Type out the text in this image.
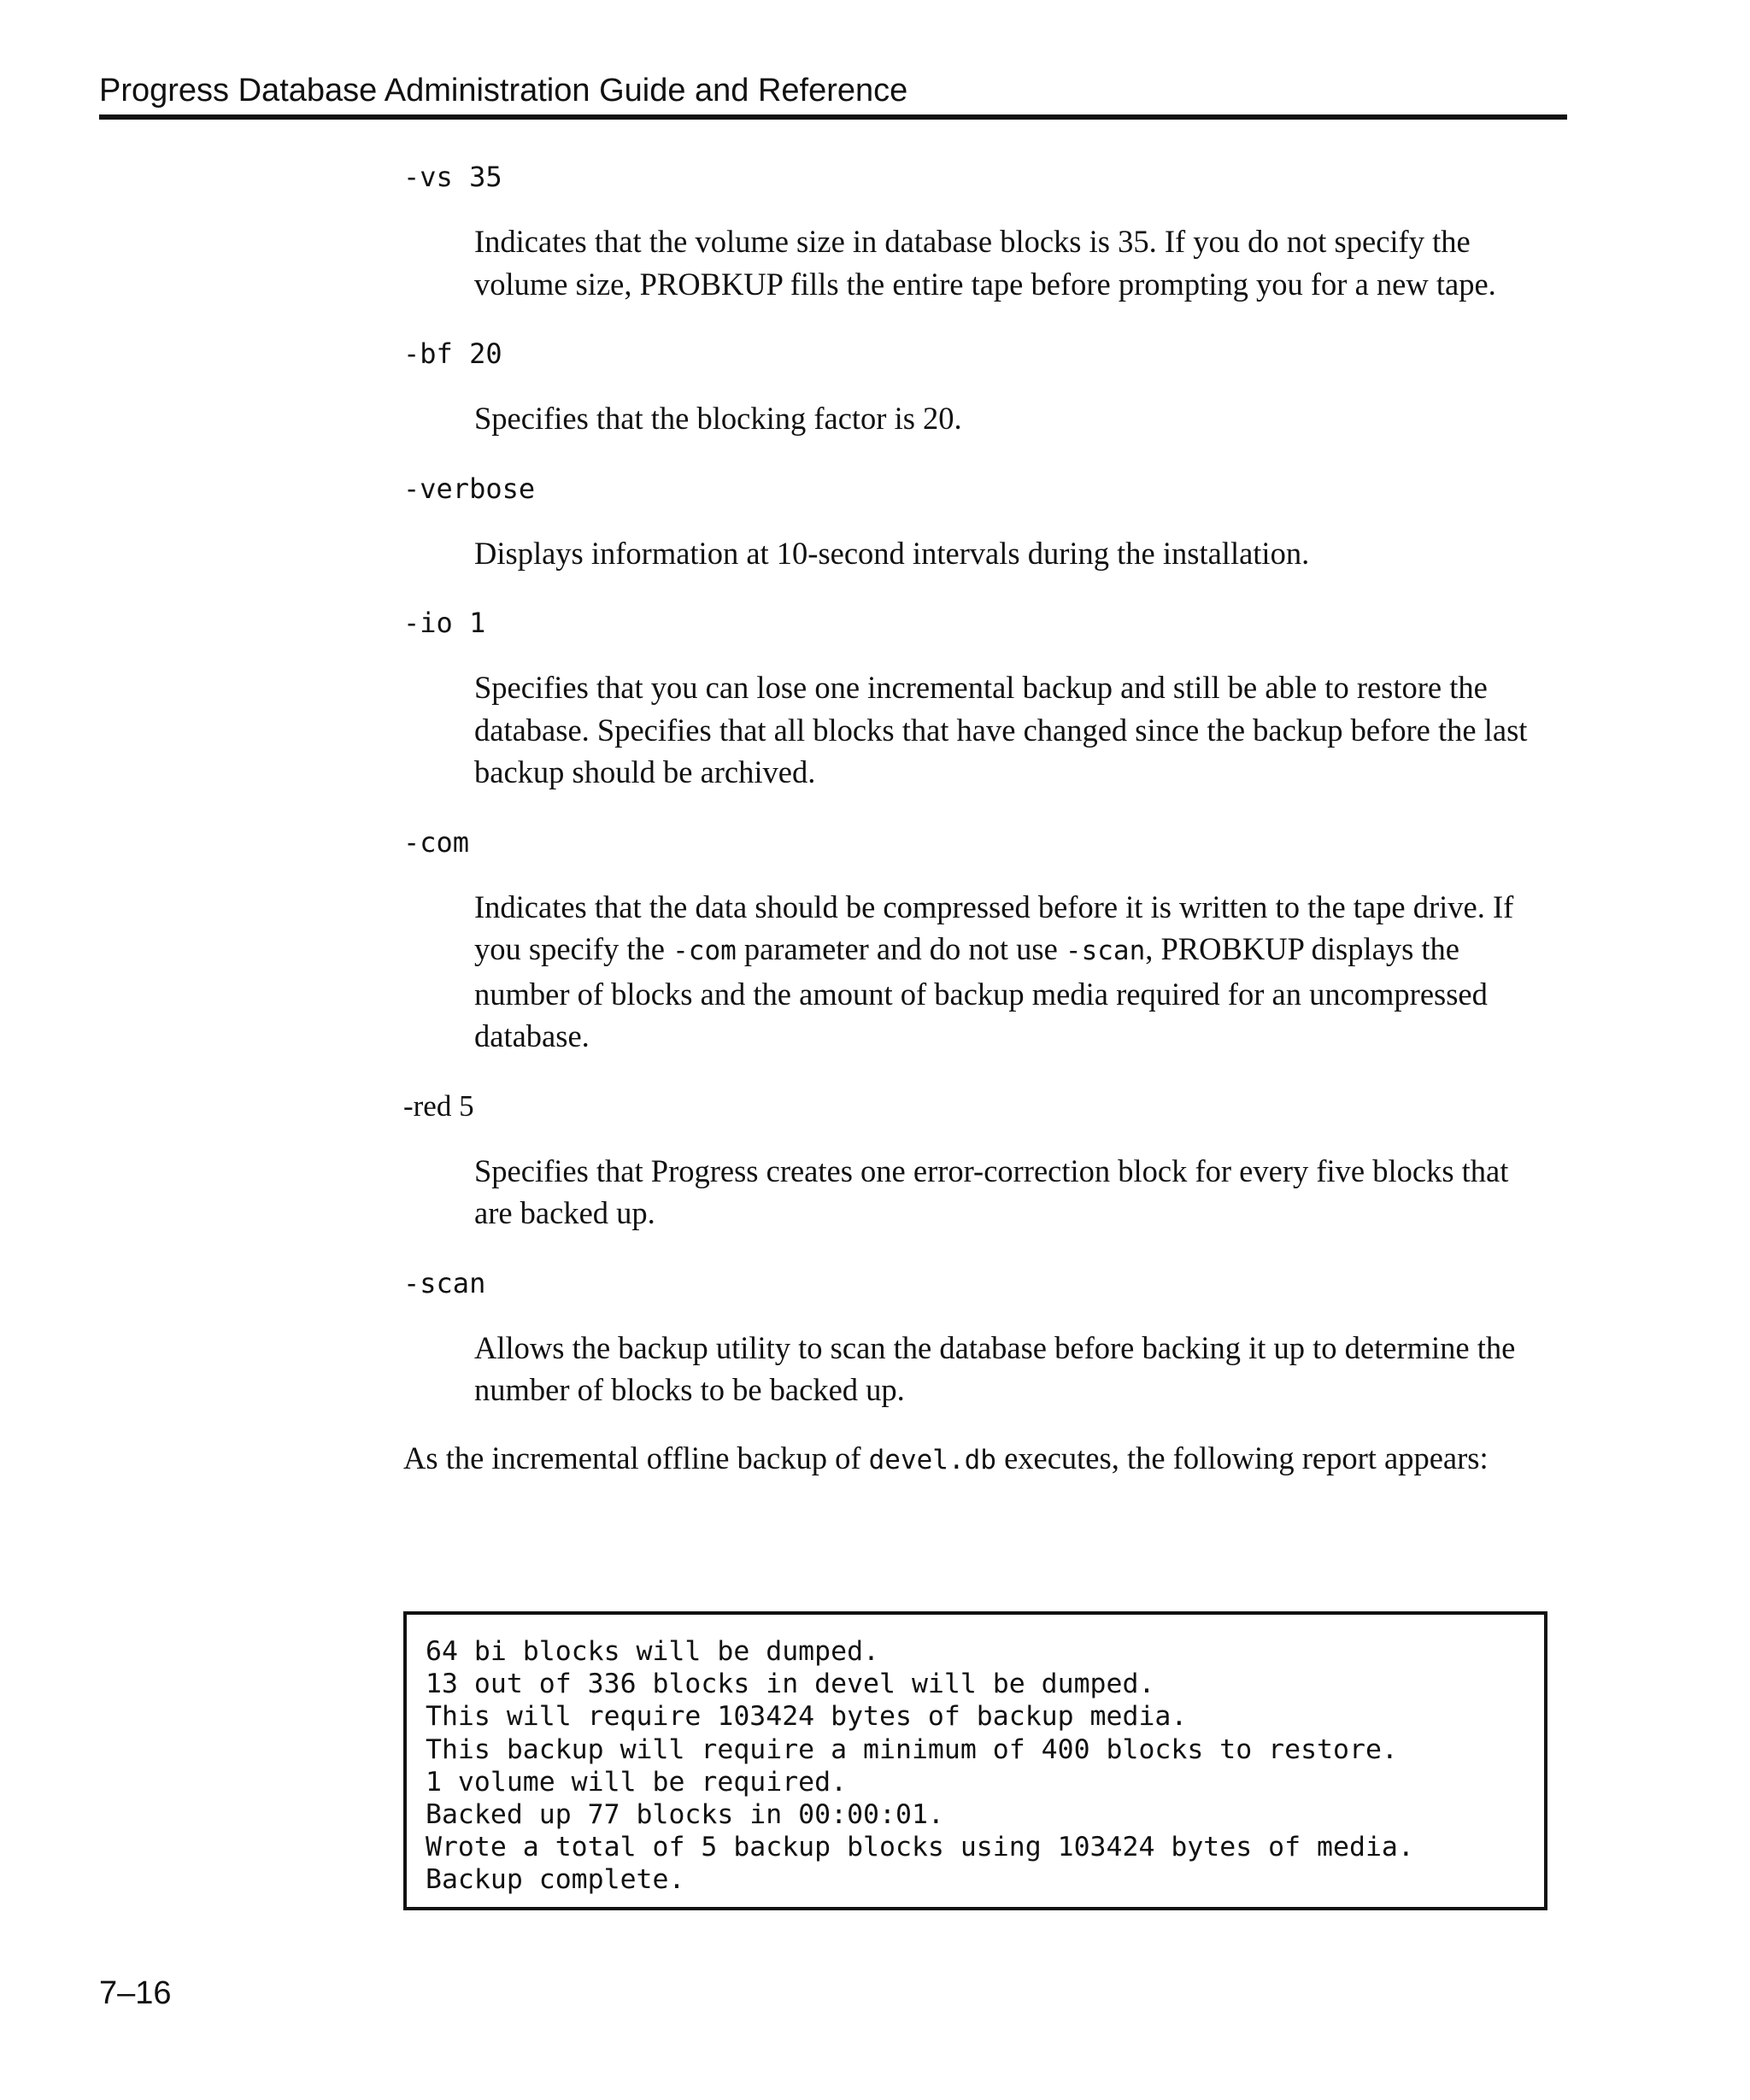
Progress Database Administration Guide and Reference
-vs 35
Indicates that the volume size in database blocks is 35. If you do not specify the
volume size, PROBKUP fills the entire tape before prompting you for a new tape.
-bf 20
Specifies that the blocking factor is 20.
-verbose
Displays information at 10-second intervals during the installation.
-io 1
Specifies that you can lose one incremental backup and still be able to restore the
database. Specifies that all blocks that have changed since the backup before the last
backup should be archived.
-com
Indicates that the data should be compressed before it is written to the tape drive. If
you specify the -com parameter and do not use -scan, PROBKUP displays the
number of blocks and the amount of backup media required for an uncompressed
database.
-red 5
Specifies that Progress creates one error-correction block for every five blocks that
are backed up.
-scan
Allows the backup utility to scan the database before backing it up to determine the
number of blocks to be backed up.
As the incremental offline backup of devel.db executes, the following report appears:
64 bi blocks will be dumped.
13 out of 336 blocks in devel will be dumped.
This will require 103424 bytes of backup media.
This backup will require a minimum of 400 blocks to restore.
1 volume will be required.
Backed up 77 blocks in 00:00:01.
Wrote a total of 5 backup blocks using 103424 bytes of media.
Backup complete.
7–16
